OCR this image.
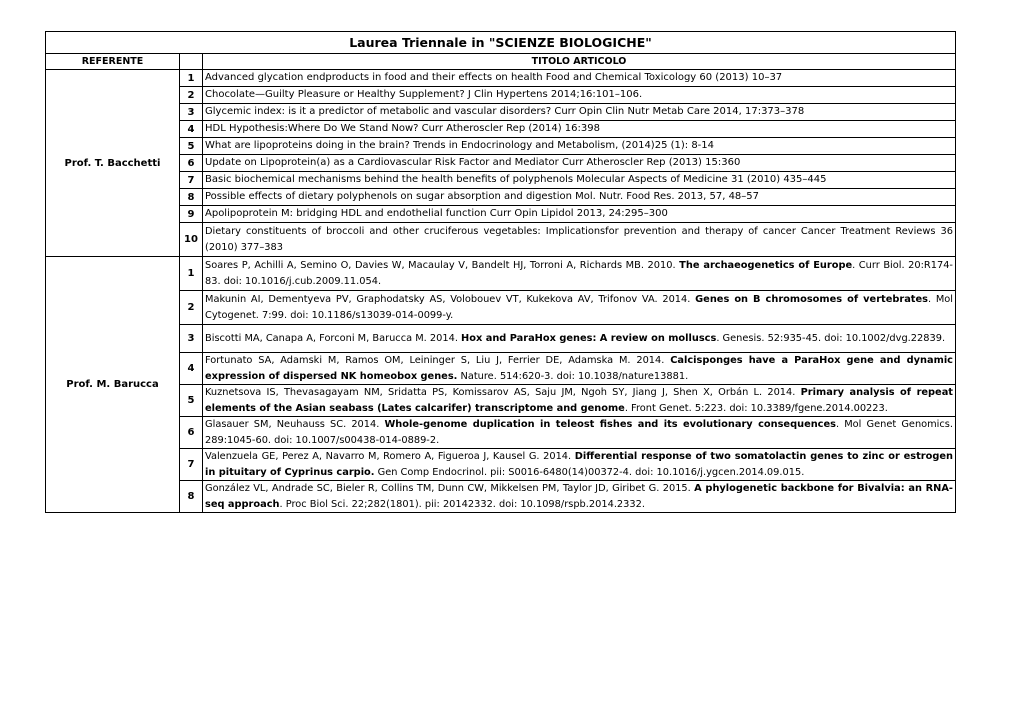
Laurea Triennale in "SCIENZE BIOLOGICHE"		
REFERENTE		TITOLO ARTICOLO
Prof. T. Bacchetti	1	Advanced glycation endproducts in food and their effects on health Food and Chemical Toxicology 60 (2013) 10–37
	2	Chocolate—Guilty Pleasure or Healthy Supplement? J Clin Hypertens 2014;16:101–106.
	3	Glycemic index: is it a predictor of metabolic and vascular disorders? Curr Opin Clin Nutr Metab Care 2014, 17:373–378
	4	HDL Hypothesis:Where Do We Stand Now? Curr Atheroscler Rep (2014) 16:398
	5	What are lipoproteins doing in the brain? Trends in Endocrinology and Metabolism, (2014)25 (1): 8-14
	6	Update on Lipoprotein(a) as a Cardiovascular Risk Factor and Mediator Curr Atheroscler Rep (2013) 15:360
	7	Basic biochemical mechanisms behind the health benefits of polyphenols Molecular Aspects of Medicine 31 (2010) 435–445
	8	Possible effects of dietary polyphenols on sugar absorption and digestion Mol. Nutr. Food Res. 2013, 57, 48–57
	9	Apolipoprotein M: bridging HDL and endothelial function Curr Opin Lipidol 2013, 24:295–300
	10	Dietary constituents of broccoli and other cruciferous vegetables: Implicationsfor prevention and therapy of cancer Cancer Treatment Reviews 36 (2010) 377–383
Prof. M. Barucca	1	Soares P, Achilli A, Semino O, Davies W, Macaulay V, Bandelt HJ, Torroni A, Richards MB. 2010. The archaeogenetics of Europe. Curr Biol. 20:R174-83. doi: 10.1016/j.cub.2009.11.054.
	2	Makunin AI, Dementyeva PV, Graphodatsky AS, Volobouev VT, Kukekova AV, Trifonov VA. 2014. Genes on B chromosomes of vertebrates. Mol Cytogenet. 7:99. doi: 10.1186/s13039-014-0099-y.
	3	Biscotti MA, Canapa A, Forconi M, Barucca M. 2014. Hox and ParaHox genes: A review on molluscs. Genesis. 52:935-45. doi: 10.1002/dvg.22839.
	4	Fortunato SA, Adamski M, Ramos OM, Leininger S, Liu J, Ferrier DE, Adamska M. 2014. Calcisponges have a ParaHox gene and dynamic expression of dispersed NK homeobox genes. Nature. 514:620-3. doi: 10.1038/nature13881.
	5	Kuznetsova IS, Thevasagayam NM, Sridatta PS, Komissarov AS, Saju JM, Ngoh SY, Jiang J, Shen X, Orbán L. 2014. Primary analysis of repeat elements of the Asian seabass (Lates calcarifer) transcriptome and genome. Front Genet. 5:223. doi: 10.3389/fgene.2014.00223.
	6	Glasauer SM, Neuhauss SC. 2014. Whole-genome duplication in teleost fishes and its evolutionary consequences. Mol Genet Genomics. 289:1045-60. doi: 10.1007/s00438-014-0889-2.
	7	Valenzuela GE, Perez A, Navarro M, Romero A, Figueroa J, Kausel G. 2014. Differential response of two somatolactin genes to zinc or estrogen in pituitary of Cyprinus carpio. Gen Comp Endocrinol. pii: S0016-6480(14)00372-4. doi: 10.1016/j.ygcen.2014.09.015.
	8	González VL, Andrade SC, Bieler R, Collins TM, Dunn CW, Mikkelsen PM, Taylor JD, Giribet G. 2015. A phylogenetic backbone for Bivalvia: an RNA-seq approach. Proc Biol Sci. 22;282(1801). pii: 20142332. doi: 10.1098/rspb.2014.2332.
